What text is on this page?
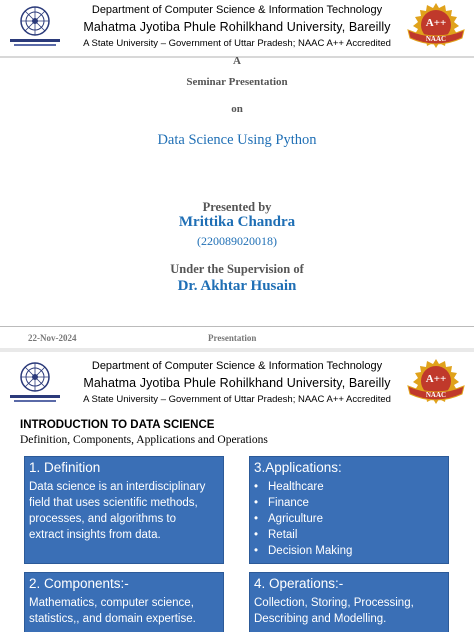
Department of Computer Science & Information Technology
Mahatma Jyotiba Phule Rohilkhand University, Bareilly
A State University – Government of Uttar Pradesh; NAAC A++ Accredited
A++
NAAC
A
Seminar Presentation
on
Data Science Using Python
Presented by
Mrittika Chandra
(220089020018)
Under the Supervision of
Dr. Akhtar Husain
22-Nov-2024	Presentation
Department of Computer Science & Information Technology
Mahatma Jyotiba Phule Rohilkhand University, Bareilly
A State University – Government of Uttar Pradesh; NAAC A++ Accredited
A++
NAAC
INTRODUCTION TO DATA SCIENCE
Definition, Components, Applications and Operations
1. Definition
Data science is an interdisciplinary
field that uses scientific methods,
processes, and algorithms to
extract insights from data.
3.Applications:
• Healthcare
• Finance
• Agriculture
• Retail
• Decision Making
2. Components:-
Mathematics, computer science,
statistics,, and domain expertise.
4. Operations:-
Collection, Storing, Processing,
Describing and Modelling.
